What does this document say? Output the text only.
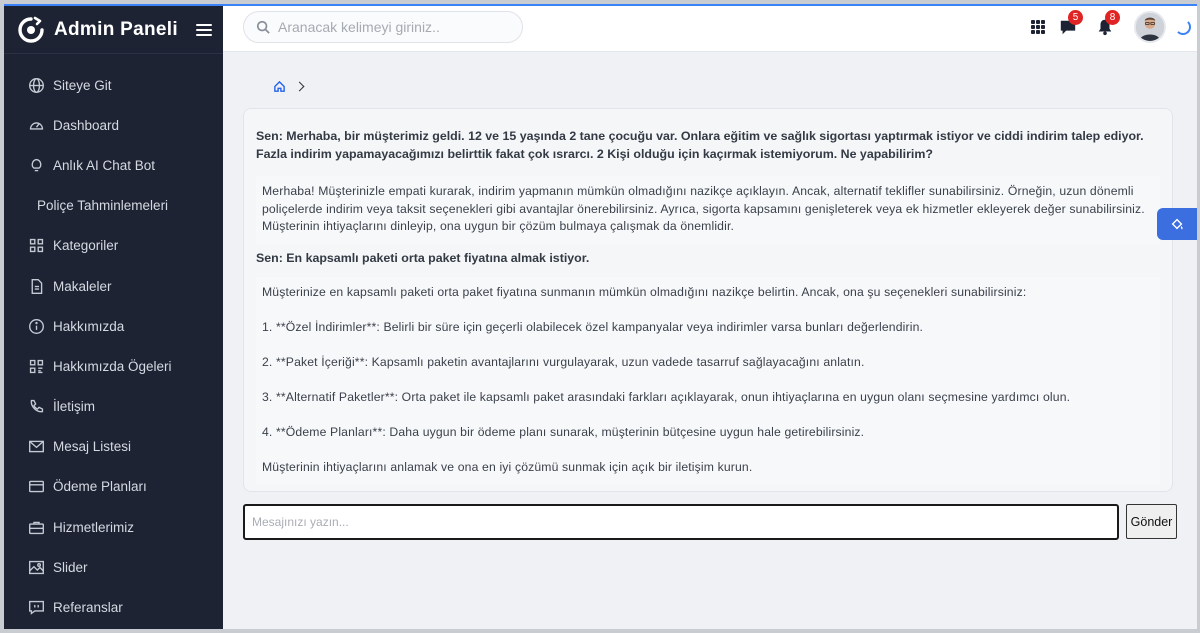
Admin Paneli
Siteye Git
Dashboard
Anlık AI Chat Bot
Poliçe Tahminlemeleri
Kategoriler
Makaleler
Hakkımızda
Hakkımızda Ögeleri
İletişim
Mesaj Listesi
Ödeme Planları
Hizmetlerimiz
Slider
Referanslar
Aranacak kelimeyi giriniz..
5	8
Sen: Merhaba, bir müşterimiz geldi. 12 ve 15 yaşında 2 tane çocuğu var. Onlara eğitim ve sağlık sigortası yaptırmak istiyor ve ciddi indirim talep ediyor. Fazla indirim yapamayacağımızı belirttik fakat çok ısrarcı. 2 Kişi olduğu için kaçırmak istemiyorum. Ne yapabilirim?

Merhaba! Müşterinizle empati kurarak, indirim yapmanın mümkün olmadığını nazikçe açıklayın. Ancak, alternatif teklifler sunabilirsiniz. Örneğin, uzun dönemli poliçelerde indirim veya taksit seçenekleri gibi avantajlar önerebilirsiniz. Ayrıca, sigorta kapsamını genişleterek veya ek hizmetler ekleyerek değer sunabilirsiniz. Müşterinin ihtiyaçlarını dinleyip, ona uygun bir çözüm bulmaya çalışmak da önemlidir.

Sen: En kapsamlı paketi orta paket fiyatına almak istiyor.

Müşterinize en kapsamlı paketi orta paket fiyatına sunmanın mümkün olmadığını nazikçe belirtin. Ancak, ona şu seçenekleri sunabilirsiniz:

1. **Özel İndirimler**: Belirli bir süre için geçerli olabilecek özel kampanyalar veya indirimler varsa bunları değerlendirin.

2. **Paket İçeriği**: Kapsamlı paketin avantajlarını vurgulayarak, uzun vadede tasarruf sağlayacağını anlatın.

3. **Alternatif Paketler**: Orta paket ile kapsamlı paket arasındaki farkları açıklayarak, onun ihtiyaçlarına en uygun olanı seçmesine yardımcı olun.

4. **Ödeme Planları**: Daha uygun bir ödeme planı sunarak, müşterinin bütçesine uygun hale getirebilirsiniz.

Müşterinin ihtiyaçlarını anlamak ve ona en iyi çözümü sunmak için açık bir iletişim kurun.

Mesajınızı yazın...
Gönder
